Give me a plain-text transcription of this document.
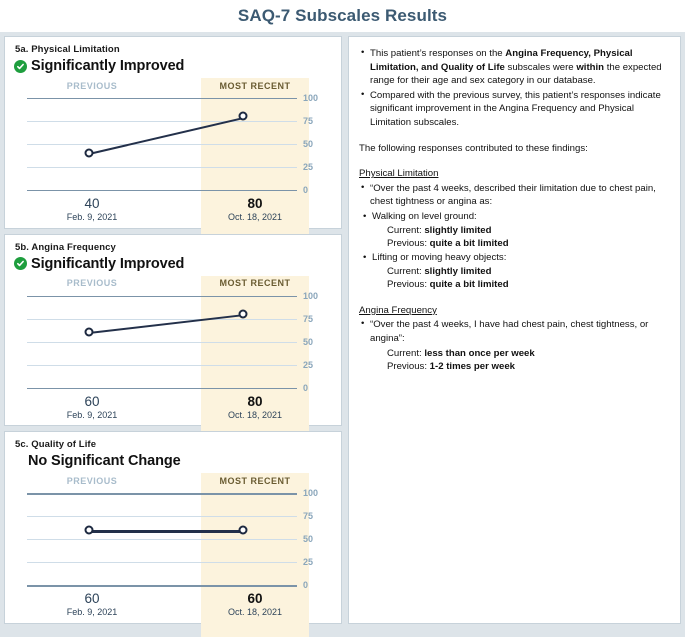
SAQ-7 Subscales Results
5a. Physical Limitation
Significantly Improved
PREVIOUS	MOST RECENT
100
75
50
25
0
40
Feb. 9, 2021
80
Oct. 18, 2021
5b. Angina Frequency
Significantly Improved
PREVIOUS	MOST RECENT
100
75
50
25
0
60
Feb. 9, 2021
80
Oct. 18, 2021
5c. Quality of Life
No Significant Change
PREVIOUS	MOST RECENT
100
75
50
25
0
60
Feb. 9, 2021
60
Oct. 18, 2021
• This patient’s responses on the Angina Frequency, Physical Limitation, and Quality of Life subscales were within the expected range for their age and sex category in our database.
• Compared with the previous survey, this patient’s responses indicate significant improvement in the Angina Frequency and Physical Limitation subscales.
The following responses contributed to these findings:
Physical Limitation
• “Over the past 4 weeks, described their limitation due to chest pain, chest tightness or angina as:
• Walking on level ground:
Current: slightly limited
Previous: quite a bit limited
• Lifting or moving heavy objects:
Current: slightly limited
Previous: quite a bit limited
Angina Frequency
• “Over the past 4 weeks, I have had chest pain, chest tightness, or angina”:
Current: less than once per week
Previous: 1-2 times per week
